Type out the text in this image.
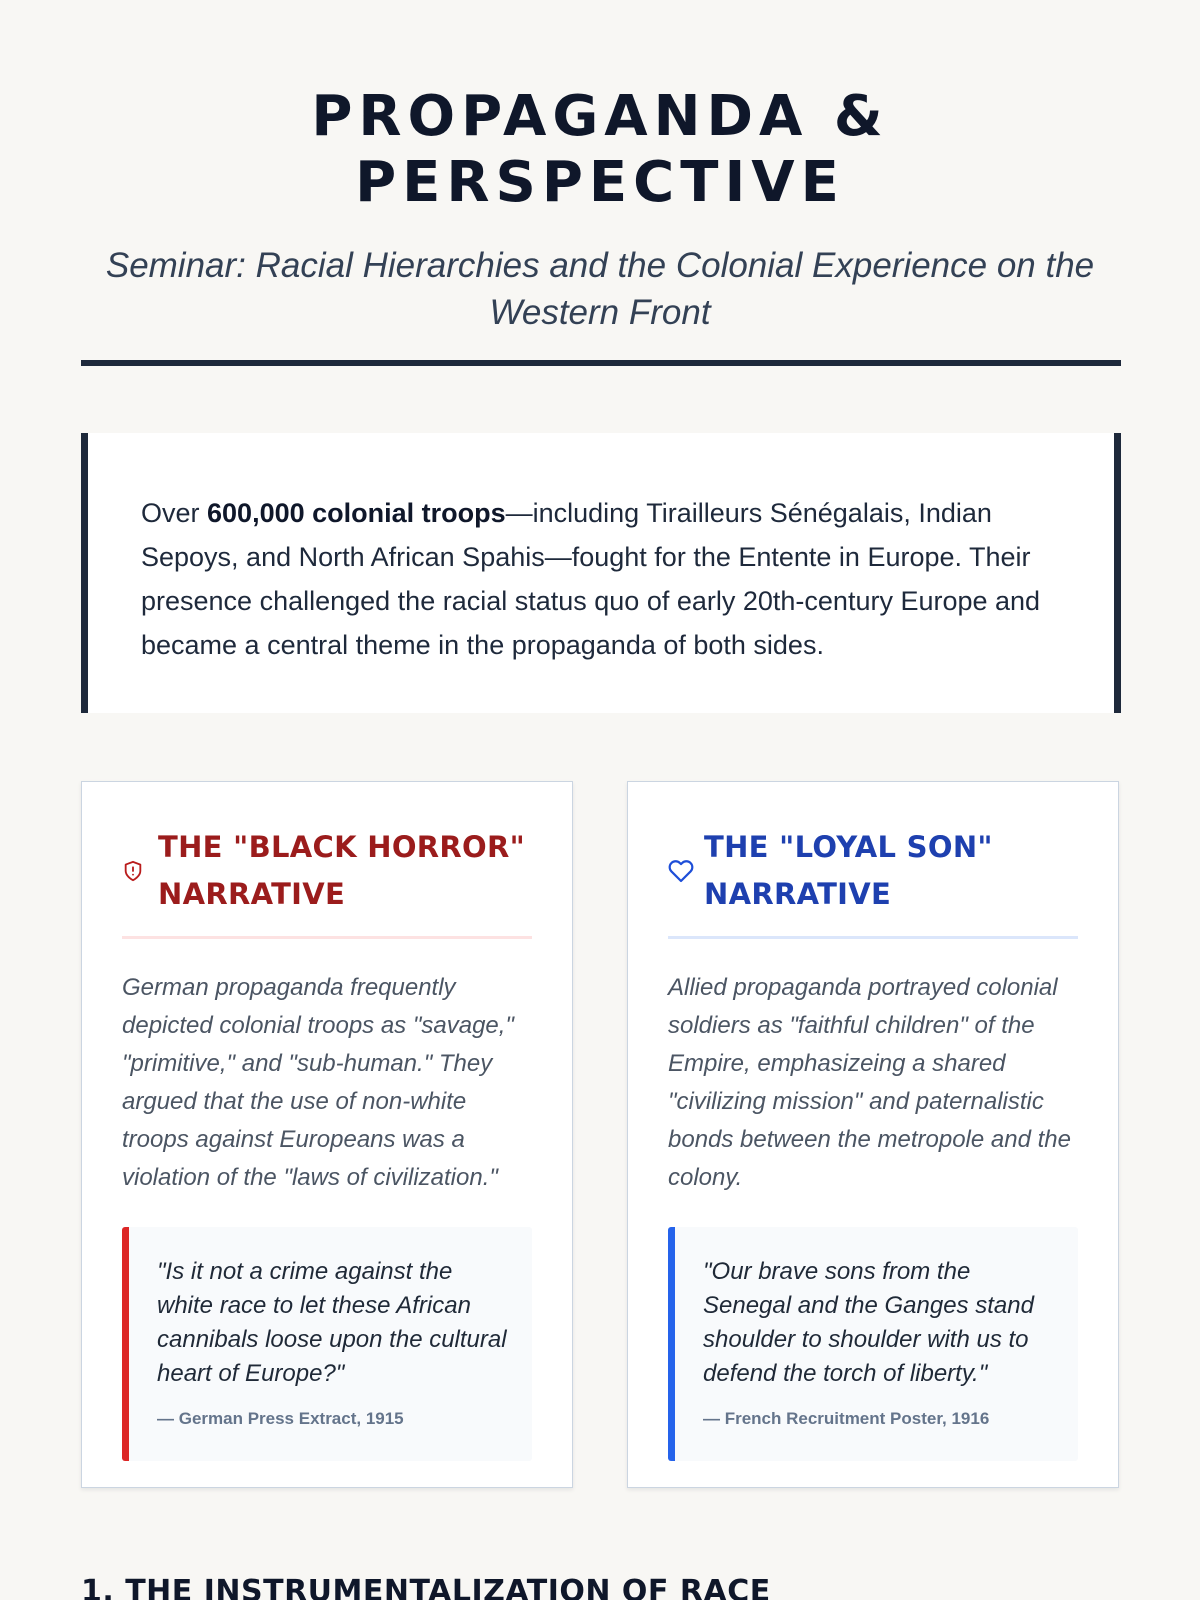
PROPAGANDA & PERSPECTIVE

Seminar: Racial Hierarchies and the Colonial Experience on the Western Front

Over 600,000 colonial troops—including Tirailleurs Sénégalais, Indian Sepoys, and North African Spahis—fought for the Entente in Europe. Their presence challenged the racial status quo of early 20th-century Europe and became a central theme in the propaganda of both sides.
THE "BLACK HORROR" NARRATIVE

German propaganda frequently depicted colonial troops as "savage," "primitive," and "sub-human." They argued that the use of non-white troops against Europeans was a violation of the "laws of civilization."

"Is it not a crime against the white race to let these African cannibals loose upon the cultural heart of Europe?"

— German Press Extract, 1915

THE "LOYAL SON" NARRATIVE

Allied propaganda portrayed colonial soldiers as "faithful children" of the Empire, emphasizeing a shared "civilizing mission" and paternalistic bonds between the metropole and the colony.

"Our brave sons from the Senegal and the Ganges stand shoulder to shoulder with us to defend the torch of liberty."

— French Recruitment Poster, 1916

1. THE INSTRUMENTALIZATION OF RACE
